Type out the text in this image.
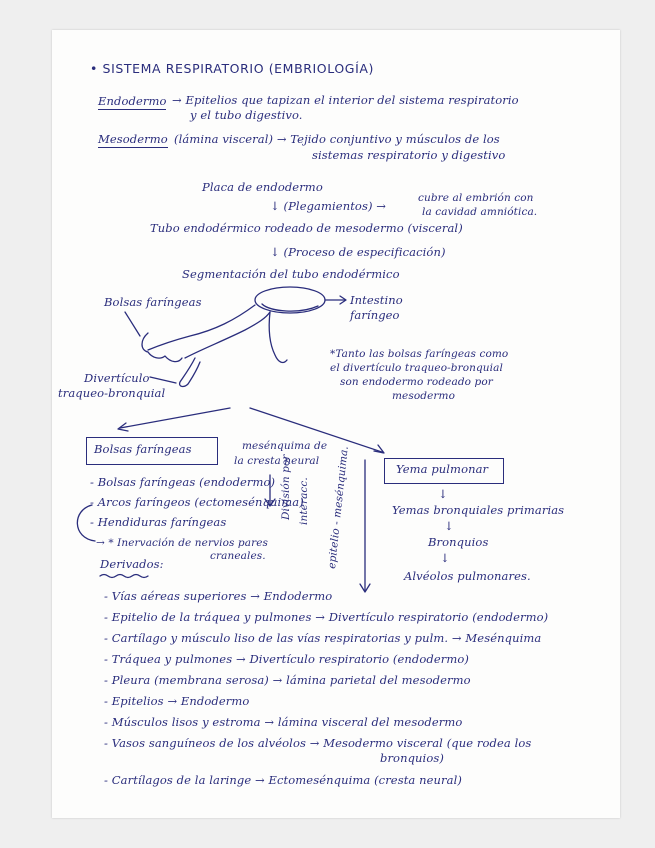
• SISTEMA RESPIRATORIO (EMBRIOLOGÍA)
Endodermo → Epitelios que tapizan el interior del sistema respiratorio
y el tubo digestivo.
Mesodermo (lámina visceral) → Tejido conjuntivo y músculos de los
sistemas respiratorio y digestivo
Placa de endodermo
↓ (Plegamientos) →
cubre al embrión con
la cavidad amniótica.
Tubo endodérmico rodeado de mesodermo (visceral)
↓ (Proceso de especificación)
Segmentación del tubo endodérmico
Bolsas faríngeas	Intestino
faríngeo
Divertículo
traqueo-bronquial
*Tanto las bolsas faríngeas como
el divertículo traqueo-bronquial
son endodermo rodeado por
mesodermo
Bolsas faríngeas	mesénquima de
la cresta neural
- Bolsas faríngeas (endodermo)
- Arcos faríngeos (ectomesénquima)
- Hendiduras faríngeas
→ * Inervación de nervios pares
craneales.
División por interacc. epitelio - mesénquima.	Yema pulmonar
↓
Yemas bronquiales primarias
↓
Bronquios
↓
Alvéolos pulmonares.
Derivados:
- Vías aéreas superiores → Endodermo
- Epitelio de la tráquea y pulmones → Divertículo respiratorio (endodermo)
- Cartílago y músculo liso de las vías respiratorias y pulm. → Mesénquima
- Tráquea y pulmones → Divertículo respiratorio (endodermo)
- Pleura (membrana serosa) → lámina parietal del mesodermo
- Epitelios → Endodermo
- Músculos lisos y estroma → lámina visceral del mesodermo
- Vasos sanguíneos de los alvéolos → Mesodermo visceral (que rodea los
bronquios)
- Cartílagos de la laringe → Ectomesénquima (cresta neural)
